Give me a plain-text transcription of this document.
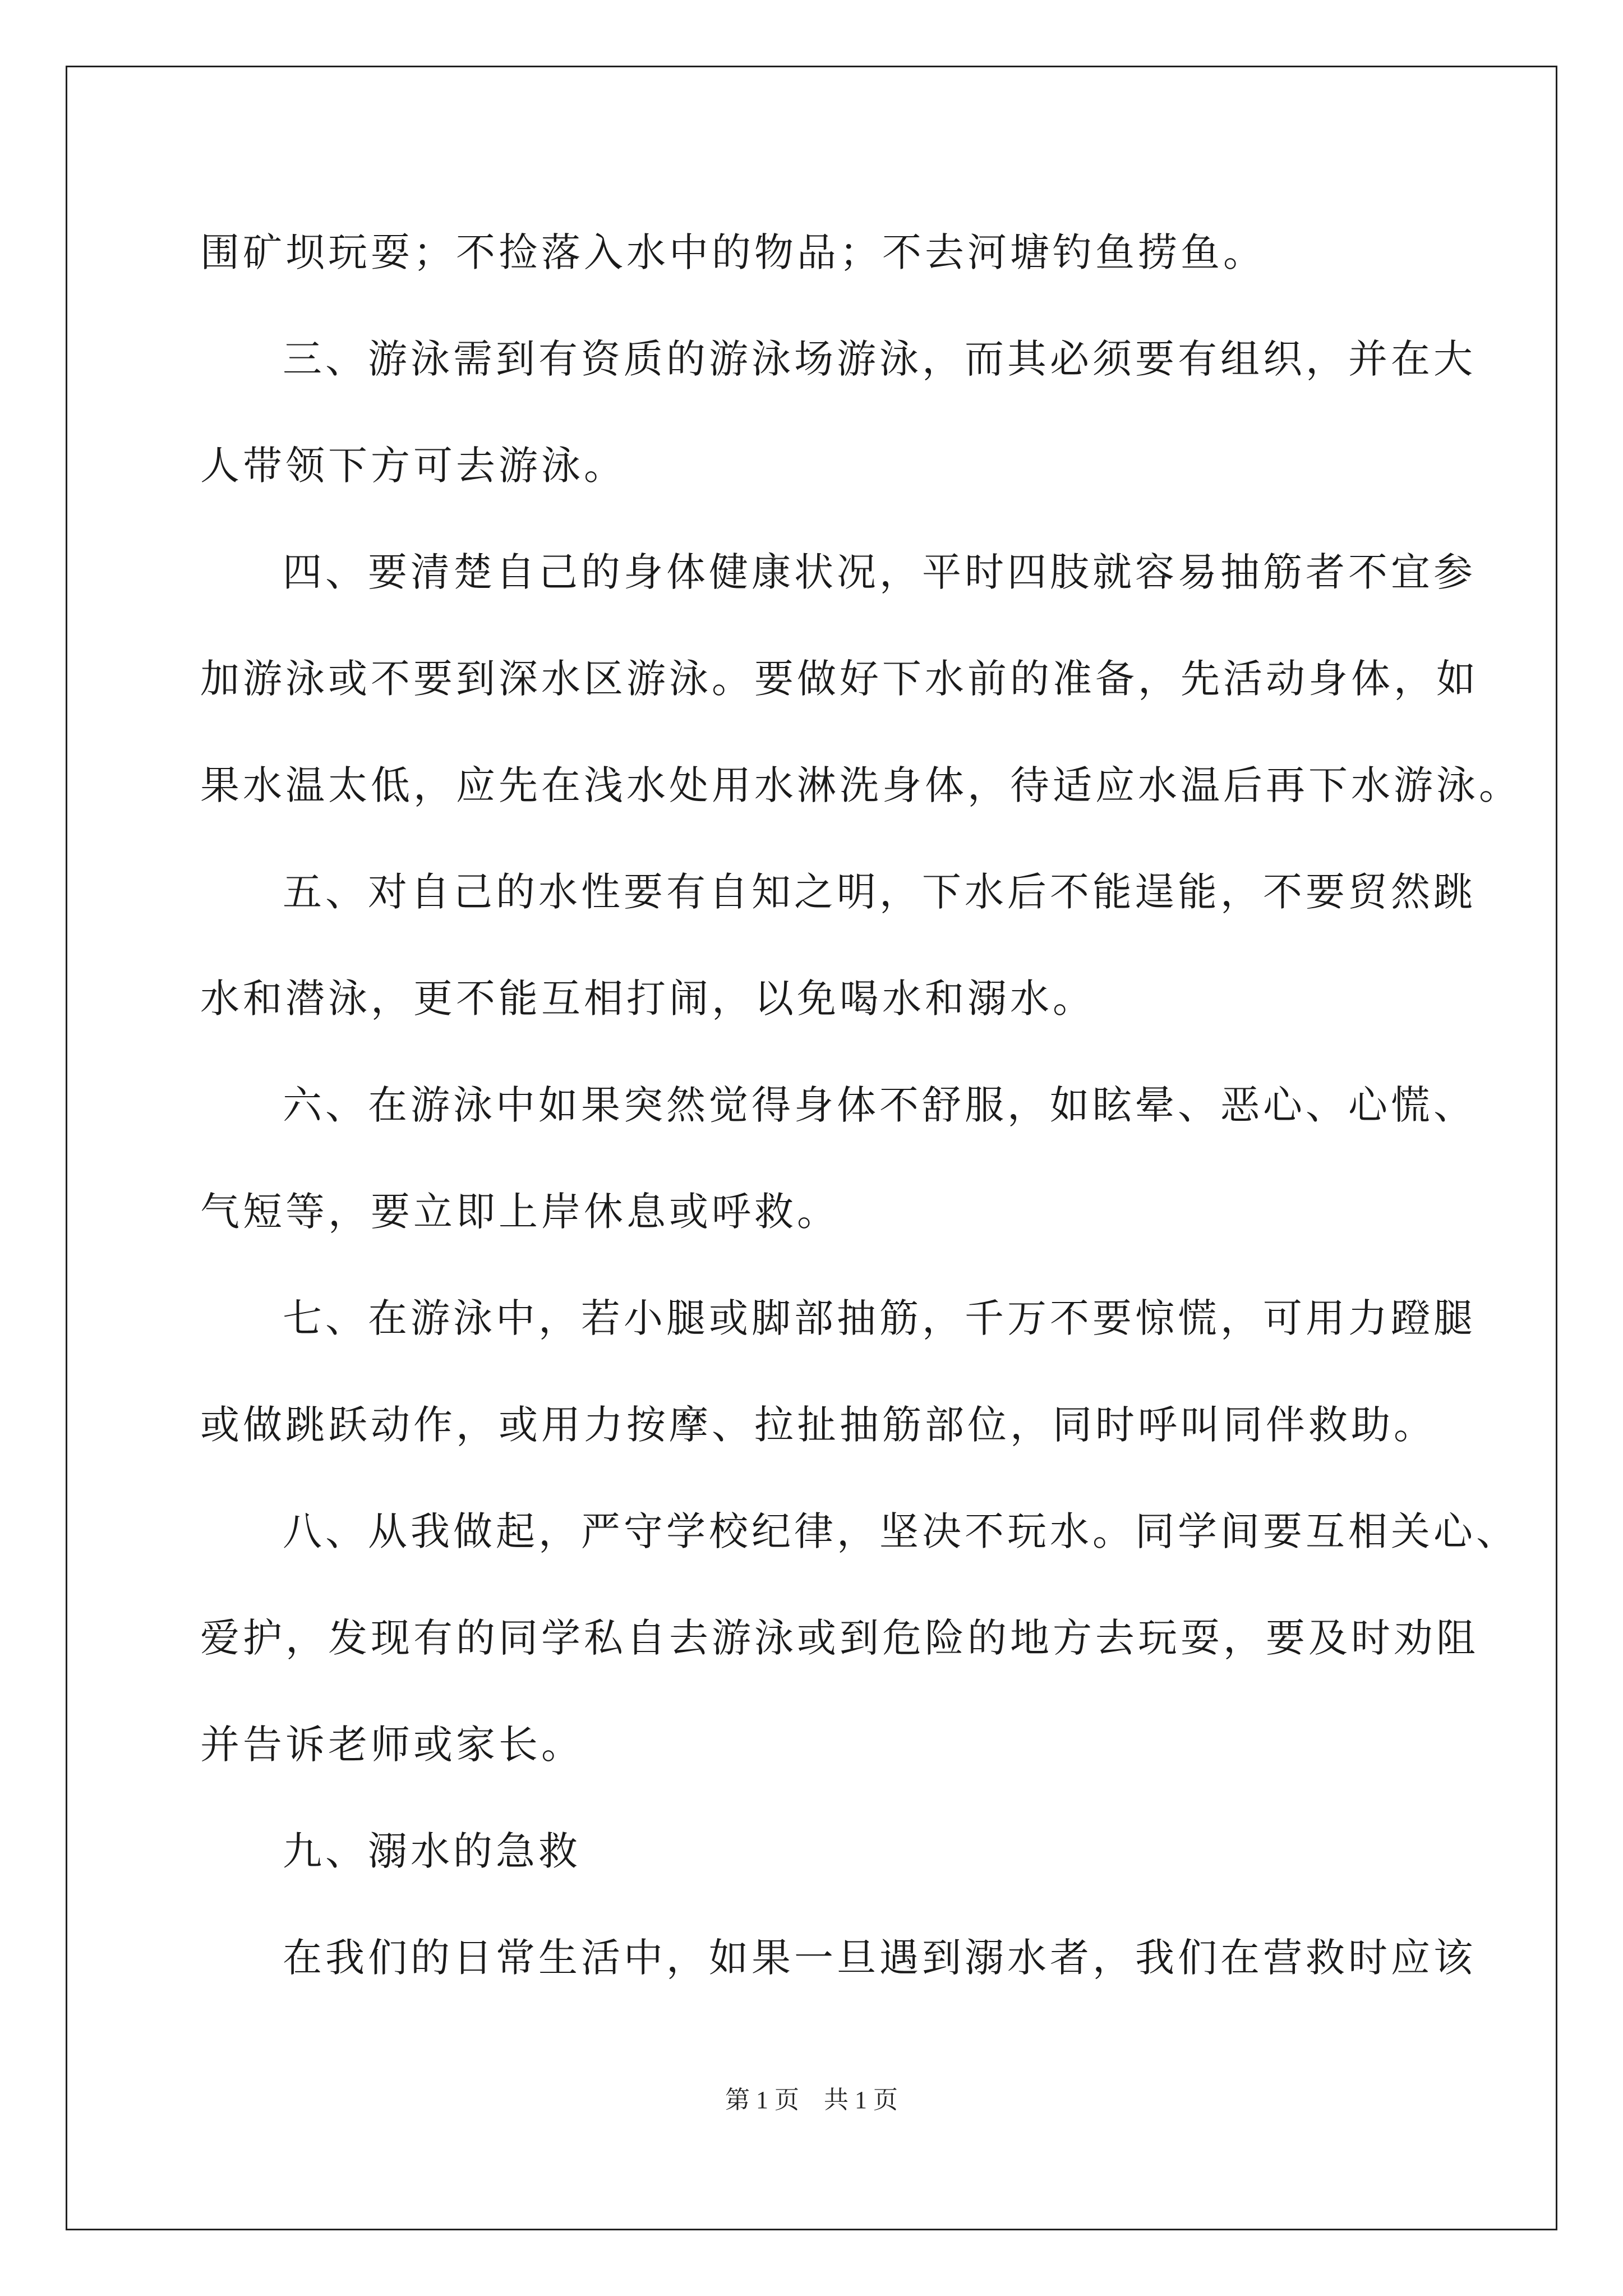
围矿坝玩耍；不捡落入水中的物品；不去河塘钓鱼捞鱼。
三、游泳需到有资质的游泳场游泳，而其必须要有组织，并在大
人带领下方可去游泳。
四、要清楚自己的身体健康状况，平时四肢就容易抽筋者不宜参
加游泳或不要到深水区游泳。要做好下水前的准备，先活动身体，如
果水温太低，应先在浅水处用水淋洗身体，待适应水温后再下水游泳。
五、对自己的水性要有自知之明，下水后不能逞能，不要贸然跳
水和潜泳，更不能互相打闹，以免喝水和溺水。
六、在游泳中如果突然觉得身体不舒服，如眩晕、恶心、心慌、
气短等，要立即上岸休息或呼救。
七、在游泳中，若小腿或脚部抽筋，千万不要惊慌，可用力蹬腿
或做跳跃动作，或用力按摩、拉扯抽筋部位，同时呼叫同伴救助。
八、从我做起，严守学校纪律，坚决不玩水。同学间要互相关心、
爱护，发现有的同学私自去游泳或到危险的地方去玩耍，要及时劝阻
并告诉老师或家长。
九、溺水的急救
在我们的日常生活中，如果一旦遇到溺水者，我们在营救时应该
第 1 页    共 1 页
